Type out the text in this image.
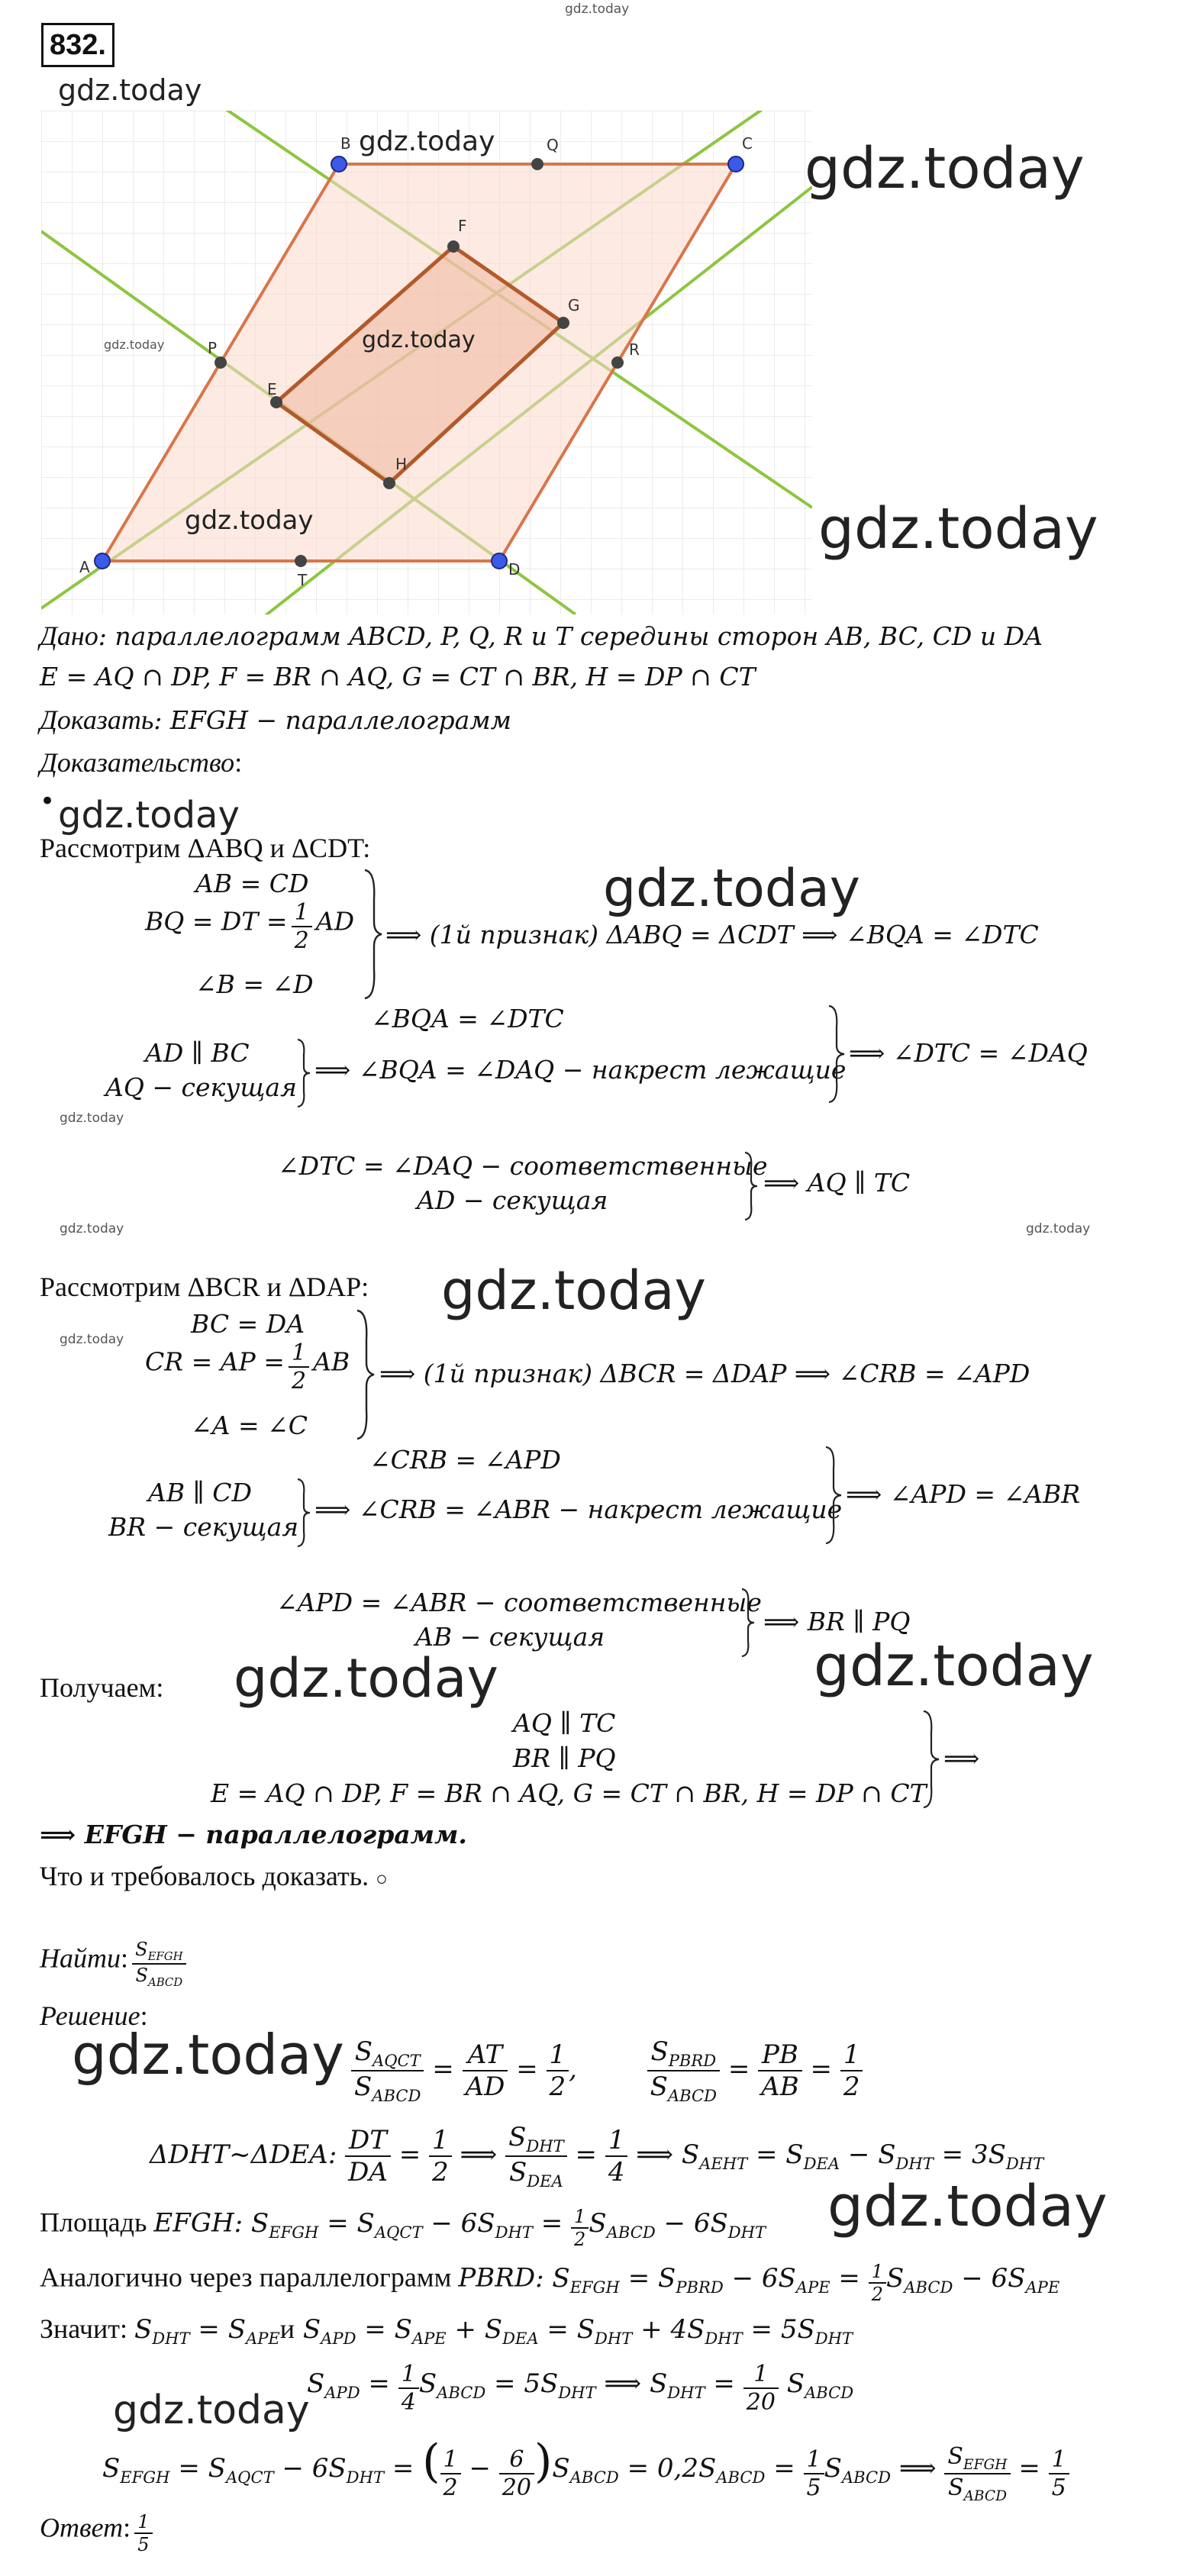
gdz.today
832.
gdz.today
A
B	C
D
P
Q
R
T
E
F
G
H
gdz.today
gdz.today
gdz.today
gdz.today
gdz.today
gdz.today
Дано: параллелограмм ABCD, P, Q, R и T середины сторон AB, BC, CD и DA
E = AQ ∩ DP, F = BR ∩ AQ, G = CT ∩ BR, H = DP ∩ CT
Доказать: EFGH − параллелограмм
Доказательство:
• gdz.today
Рассмотрим ΔABQ и ΔCDT:
gdz.today
AB = CD
BQ = DT = $\frac{1}{2}$ AD
∠B = ∠D
⟹ (1й признак) ΔABQ = ΔCDT ⟹ ∠BQA = ∠DTC
∠BQA = ∠DTC
AD ∥ BC
AQ − секущая
⟹ ∠BQA = ∠DAQ − накрест лежащие
⟹ ∠DTC = ∠DAQ
gdz.today
∠DTC = ∠DAQ − соответственные
AD − секущая
⟹ AQ ∥ TC
gdz.today	gdz.today
Рассмотрим ΔBCR и ΔDAP: gdz.today
gdz.today
BC = DA
CR = AP = $\frac{1}{2}$ AB
∠A = ∠C
⟹ (1й признак) ΔBCR = ΔDAP ⟹ ∠CRB = ∠APD
∠CRB = ∠APD
AB ∥ CD
BR − секущая
⟹ ∠CRB = ∠ABR − накрест лежащие
⟹ ∠APD = ∠ABR
∠APD = ∠ABR − соответственные
AB − секущая
⟹ BR ∥ PQ
Получаем: gdz.today	gdz.today
AQ ∥ TC
BR ∥ PQ
E = AQ ∩ DP, F = BR ∩ AQ, G = CT ∩ BR, H = DP ∩ CT
⟹
⟹ EFGH − параллелограмм.
Что и требовалось доказать. ○
Найти: $\frac{S_{EFGH}}{S_{ABCD}}$
Решение:
gdz.today $\frac{S_{AQCT}}{S_{ABCD}} = \frac{AT}{AD} = \frac{1}{2}$ ,	$\frac{S_{PBRD}}{S_{ABCD}} = \frac{PB}{AB} = \frac{1}{2}$
ΔDHT~ΔDEA: $\frac{DT}{DA} = \frac{1}{2}$ ⟹ $\frac{S_{DHT}}{S_{DEA}} = \frac{1}{4}$ ⟹ $S_{AEHT} = S_{DEA} - S_{DHT} = 3S_{DHT}$
gdz.today
Площадь EFGH: $S_{EFGH} = S_{AQCT} - 6S_{DHT} = \frac{1}{2} S_{ABCD} - 6S_{DHT}$
Аналогично через параллелограмм PBRD: $S_{EFGH} = S_{PBRD} - 6S_{APE} = \frac{1}{2} S_{ABCD} - 6S_{APE}$
Значит: $S_{DHT} = S_{APE}и$ $S_{APD} = S_{APE} + S_{DEA} = S_{DHT} + 4S_{DHT} = 5S_{DHT}$
gdz.today
$S_{APD} = \frac{1}{4} S_{ABCD} = 5S_{DHT}$ ⟹ $S_{DHT} = \frac{1}{20} S_{ABCD}$
$S_{EFGH} = S_{AQCT} - 6S_{DHT}$ = ( $\frac{1}{2} - \frac{6}{20} )S_{ABCD} = 0,2S_{ABCD} = \frac{1}{5} S_{ABCD}$ ⟹ $\frac{S_{EFGH}}{S_{ABCD}} = \frac{1}{5}$
Ответ: $\frac{1}{5}$
